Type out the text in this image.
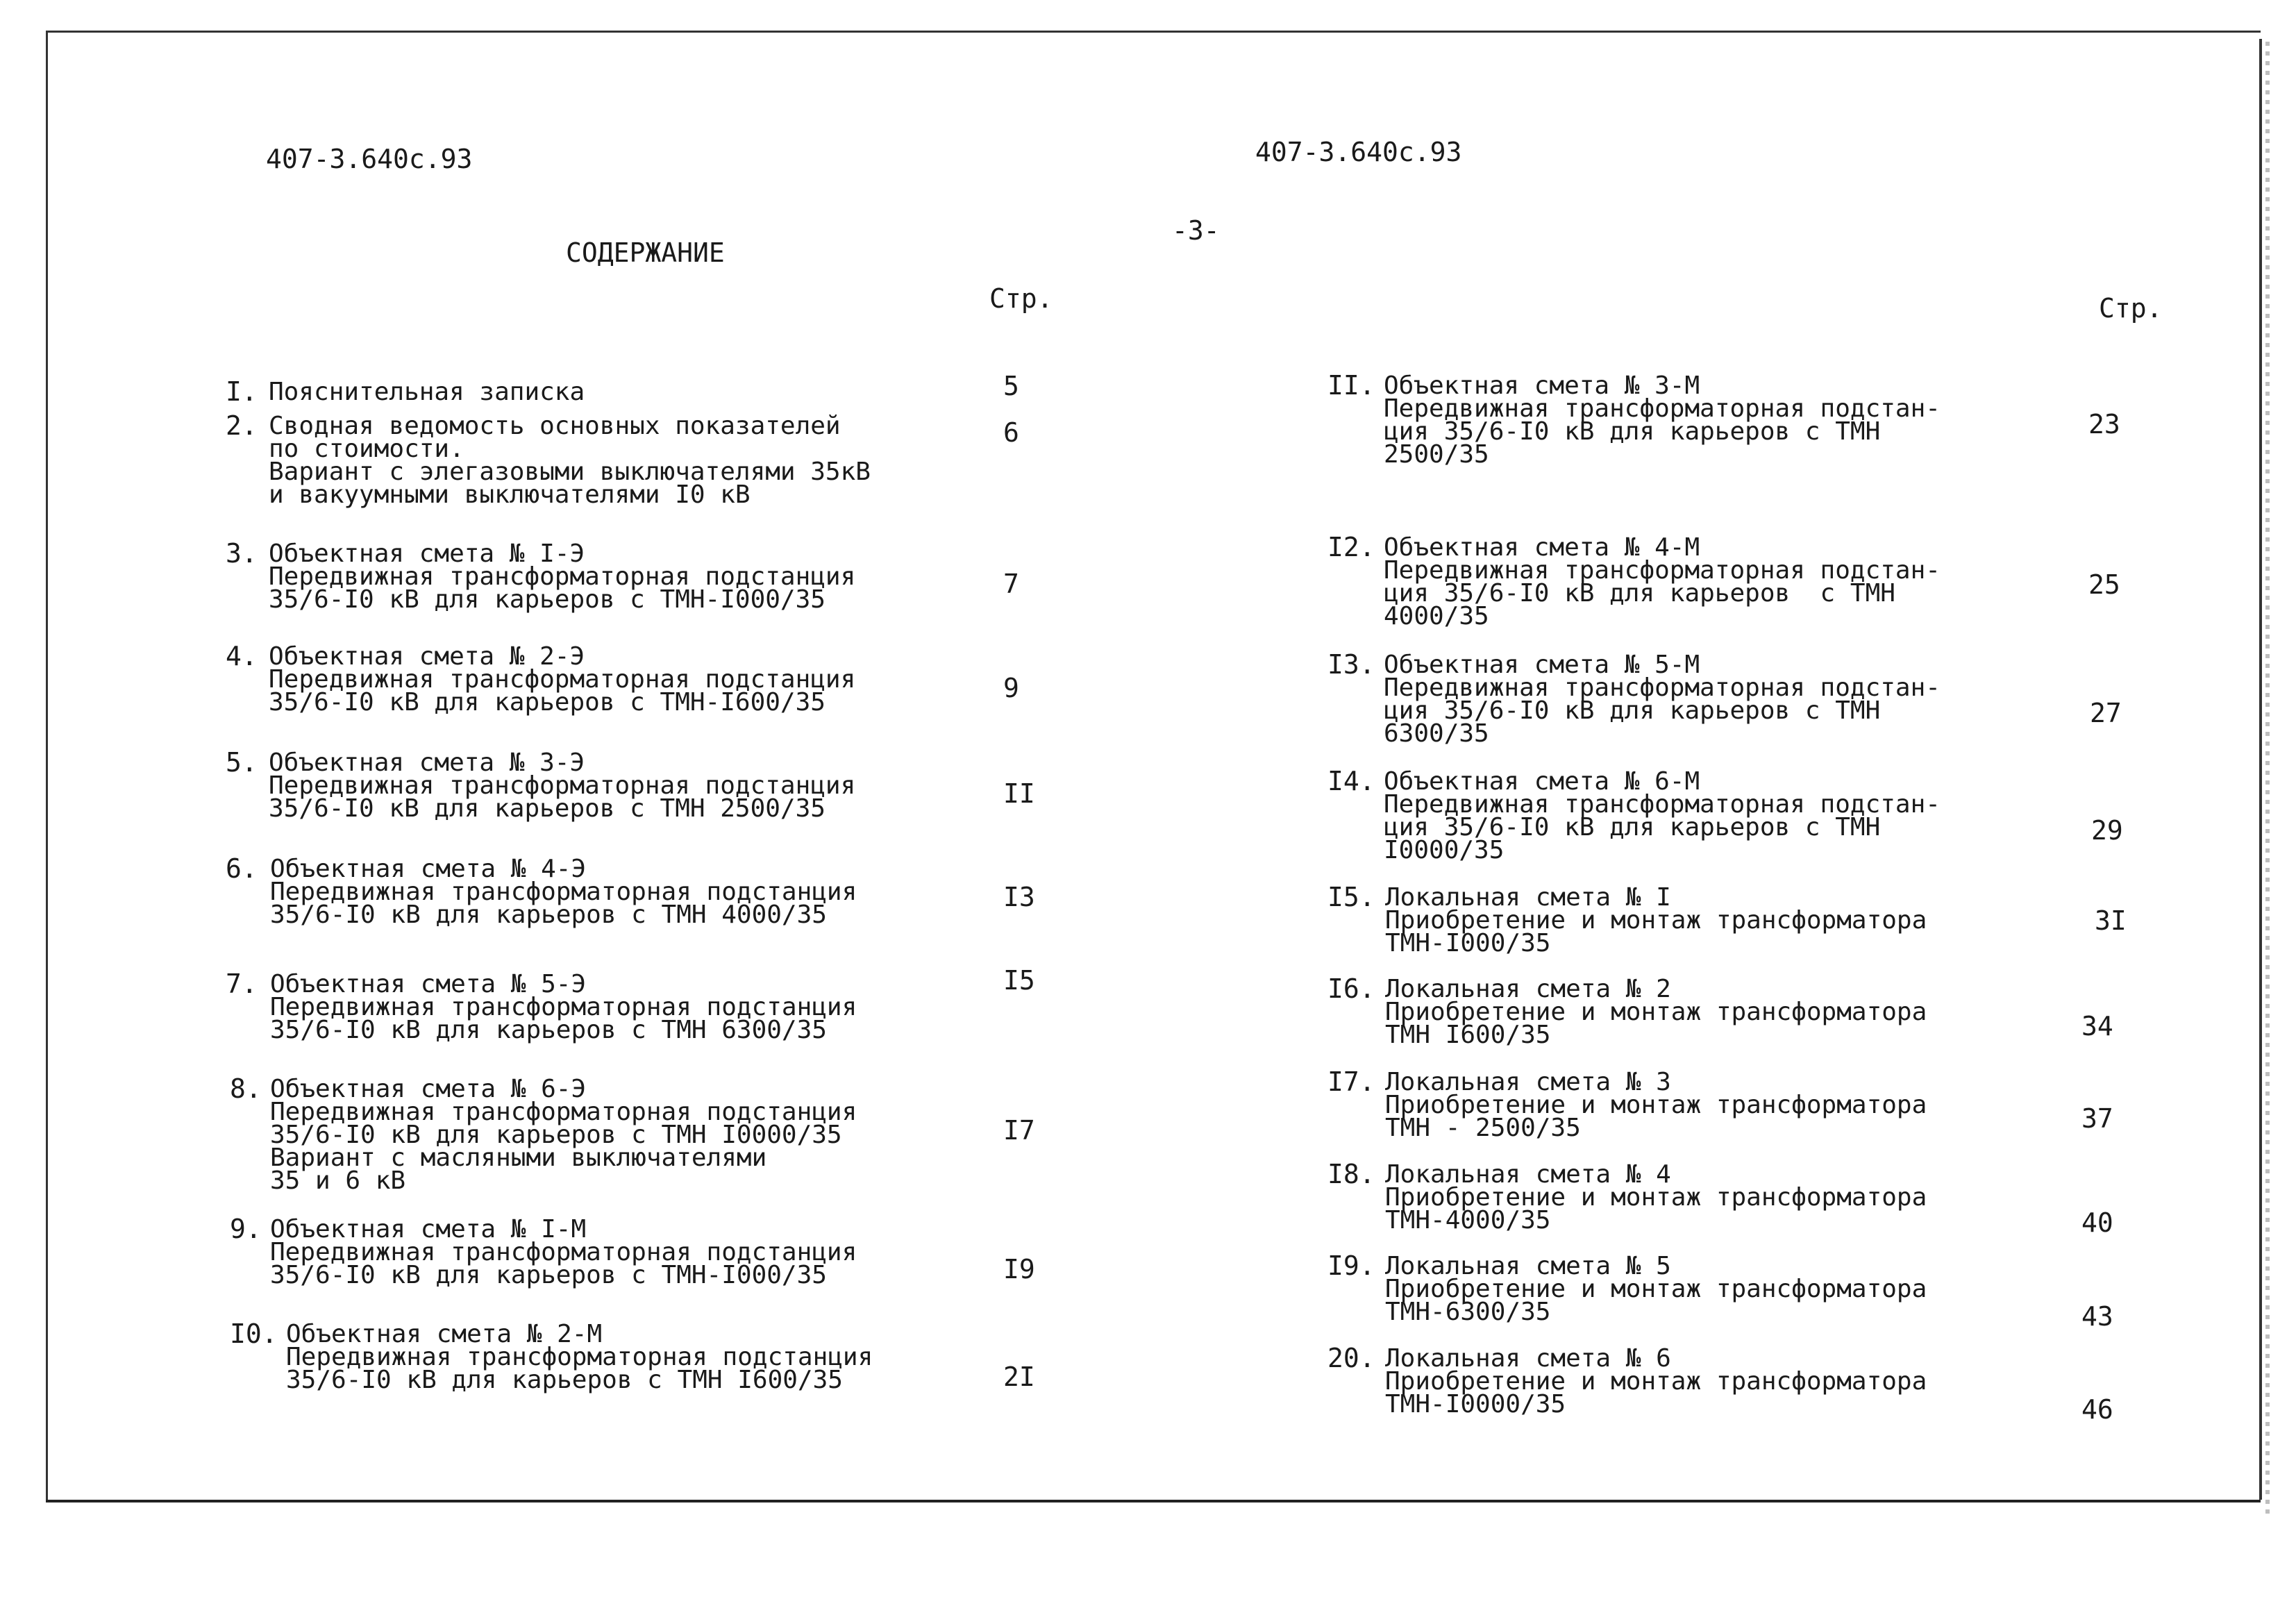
407-3.640с.93	407-3.640с.93
-3-
СОДЕРЖАНИЕ
Стр.	Стр.
I. Пояснительная записка	5
2. Сводная ведомость основных показателей
по стоимости.
Вариант с элегазовыми выключателями 35кВ
и вакуумными выключателями I0 кВ
6
3. Объектная смета № I-Э
Передвижная трансформаторная подстанция
35/6-I0 кВ для карьеров с ТМН-I000/35
7
4. Объектная смета № 2-Э
Передвижная трансформаторная подстанция
35/6-I0 кВ для карьеров с ТМН-I600/35	9
5. Объектная смета № 3-Э
Передвижная трансформаторная подстанция
35/6-I0 кВ для карьеров с ТМН 2500/35	II
6. Объектная смета № 4-Э
Передвижная трансформаторная подстанция
35/6-I0 кВ для карьеров с ТМН 4000/35
I3
7. Объектная смета № 5-Э
Передвижная трансформаторная подстанция
35/6-I0 кВ для карьеров с ТМН 6300/35
I5
8. Объектная смета № 6-Э
Передвижная трансформаторная подстанция
35/6-I0 кВ для карьеров с ТМН I0000/35
Вариант с масляными выключателями
35 и 6 кВ
I7
9. Объектная смета № I-М
Передвижная трансформаторная подстанция
35/6-I0 кВ для карьеров с ТМН-I000/35	I9
I0. Объектная смета № 2-М
Передвижная трансформаторная подстанция
35/6-I0 кВ для карьеров с ТМН I600/35	2I
II. Объектная смета № 3-М
Передвижная трансформаторная подстан-
ция 35/6-I0 кВ для карьеров с ТМН
2500/35
23
I2. Объектная смета № 4-М
Передвижная трансформаторная подстан-
ция 35/6-I0 кВ для карьеров  с ТМН
4000/35
25
I3. Объектная смета № 5-М
Передвижная трансформаторная подстан-
ция 35/6-I0 кВ для карьеров с ТМН
6300/35
27
I4. Объектная смета № 6-М
Передвижная трансформаторная подстан-
ция 35/6-I0 кВ для карьеров с ТМН
I0000/35
29
I5. Локальная смета № I
Приобретение и монтаж трансформатора
ТМН-I000/35
3I
I6. Локальная смета № 2
Приобретение и монтаж трансформатора
ТМН I600/35	34
I7. Локальная смета № 3
Приобретение и монтаж трансформатора
ТМН - 2500/35	37
I8. Локальная смета № 4
Приобретение и монтаж трансформатора
ТМН-4000/35	40
I9. Локальная смета № 5
Приобретение и монтаж трансформатора
ТМН-6300/35	43
20. Локальная смета № 6
Приобретение и монтаж трансформатора
ТМН-I0000/35	46
